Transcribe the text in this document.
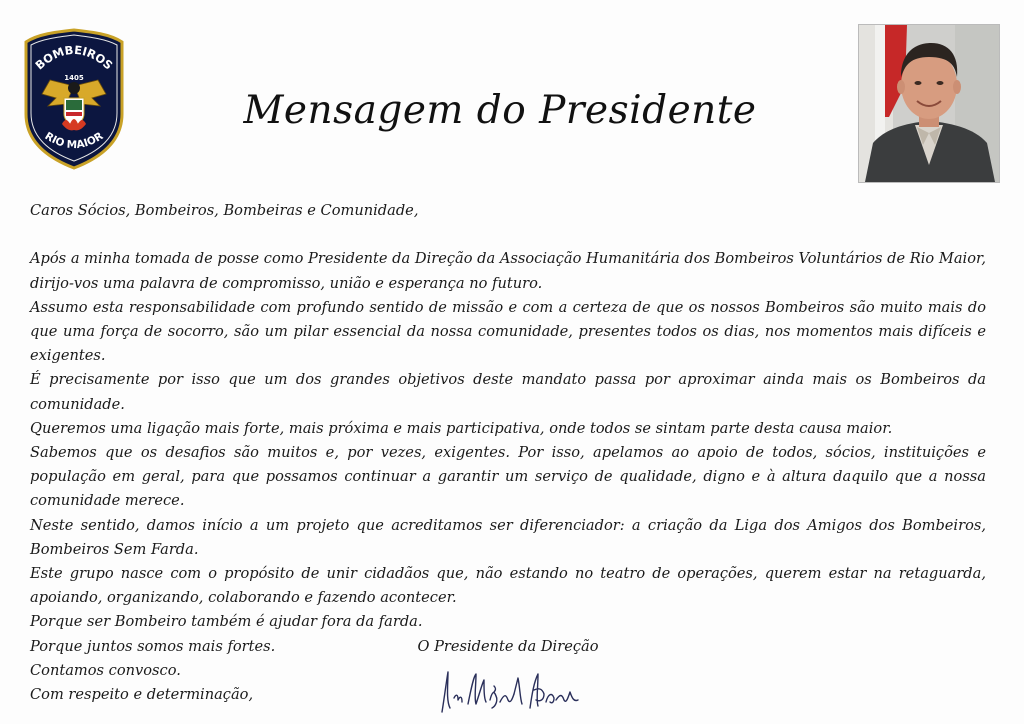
BOMBEIROS
1405
RIO MAIOR
Mensagem do Presidente

Caros Sócios, Bombeiros, Bombeiras e Comunidade,

Após a minha tomada de posse como Presidente da Direção da Associação Humanitária dos Bombeiros Voluntários de Rio Maior, dirijo-vos uma palavra de compromisso, união e esperança no futuro.

Assumo esta responsabilidade com profundo sentido de missão e com a certeza de que os nossos Bombeiros são muito mais do que uma força de socorro, são um pilar essencial da nossa comunidade, presentes todos os dias, nos momentos mais difíceis e exigentes.

É precisamente por isso que um dos grandes objetivos deste mandato passa por aproximar ainda mais os Bombeiros da comunidade.

Queremos uma ligação mais forte, mais próxima e mais participativa, onde todos se sintam parte desta causa maior.

Sabemos que os desafios são muitos e, por vezes, exigentes. Por isso, apelamos ao apoio de todos, sócios, instituições e população em geral, para que possamos continuar a garantir um serviço de qualidade, digno e à altura daquilo que a nossa comunidade merece.

Neste sentido, damos início a um projeto que acreditamos ser diferenciador: a criação da Liga dos Amigos dos Bombeiros, Bombeiros Sem Farda.

Este grupo nasce com o propósito de unir cidadãos que, não estando no teatro de operações, querem estar na retaguarda, apoiando, organizando, colaborando e fazendo acontecer.

Porque ser Bombeiro também é ajudar fora da farda.

Porque juntos somos mais fortes.

Contamos convosco.

Com respeito e determinação,

O Presidente da Direção
